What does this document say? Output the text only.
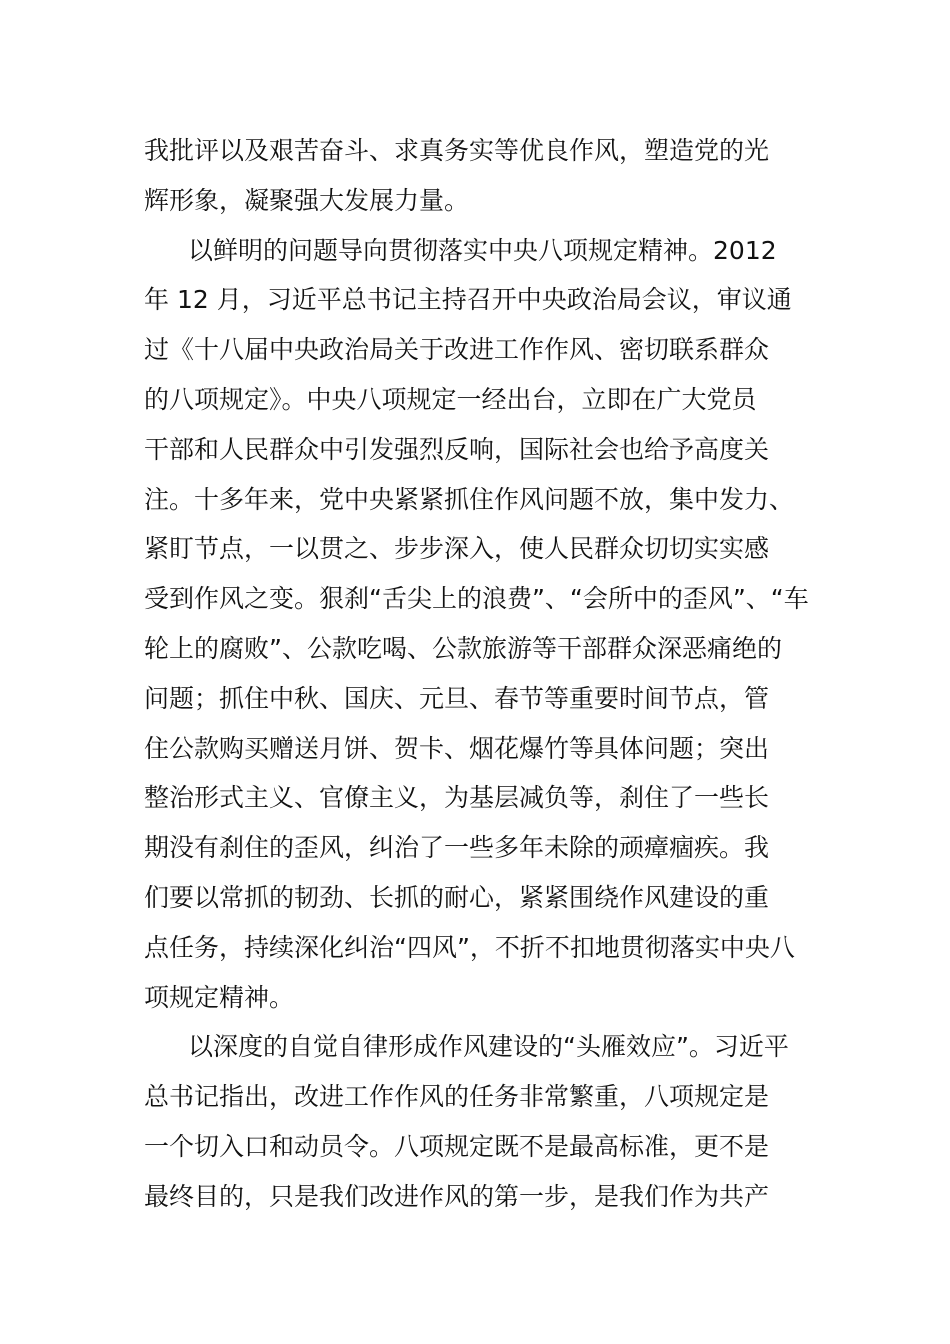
我批评以及艰苦奋斗、求真务实等优良作风，塑造党的光
辉形象，凝聚强大发展力量。
以鲜明的问题导向贯彻落实中央八项规定精神。2012
年 12 月，习近平总书记主持召开中央政治局会议，审议通
过《十八届中央政治局关于改进工作作风、密切联系群众
的八项规定》。中央八项规定一经出台，立即在广大党员
干部和人民群众中引发强烈反响，国际社会也给予高度关
注。十多年来，党中央紧紧抓住作风问题不放，集中发力、
紧盯节点，一以贯之、步步深入，使人民群众切切实实感
受到作风之变。狠刹“舌尖上的浪费”、“会所中的歪风”、“车
轮上的腐败”、公款吃喝、公款旅游等干部群众深恶痛绝的
问题；抓住中秋、国庆、元旦、春节等重要时间节点，管
住公款购买赠送月饼、贺卡、烟花爆竹等具体问题；突出
整治形式主义、官僚主义，为基层减负等，刹住了一些长
期没有刹住的歪风，纠治了一些多年未除的顽瘴痼疾。我
们要以常抓的韧劲、长抓的耐心，紧紧围绕作风建设的重
点任务，持续深化纠治“四风”，不折不扣地贯彻落实中央八
项规定精神。
以深度的自觉自律形成作风建设的“头雁效应”。习近平
总书记指出，改进工作作风的任务非常繁重，八项规定是
一个切入口和动员令。八项规定既不是最高标准，更不是
最终目的，只是我们改进作风的第一步，是我们作为共产
